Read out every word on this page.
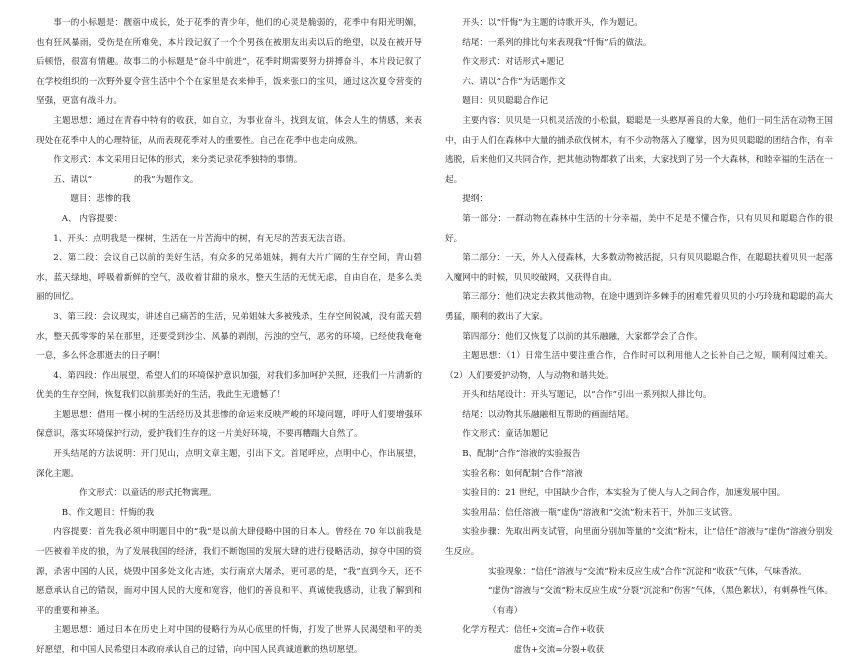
事一的小标题是：靓蓿中成长，处于花季的青少年，他们的心灵是脆弱的，花季中有阳光明媚，也有狂风暴雨，受伤是在所难免，本片段记叙了一个个男孩在被朋友出卖以后的绝望，以及在被开导后顿悟，很富有情趣。故事二的小标题是“奋斗中前进”，花季时期需要努力拼搏奋斗，本片段记叙了在学校组织的一次野外夏令营生活中个个在家里是衣来伸手，饭来张口的宝贝，通过这次夏令营变的坚强，更富有战斗力。

主题思想：通过在青春中特有的收获，如自立，为事业奋斗，找到友谊，体会人生的情感，来表现处在花季中人的心理特征，从而表现花季对人的重要性。自己在花季中也走向成熟。

作文形式：本文采用日记体的形式，来分类记录花季独特的事情。

五、请以“	的我”为题作文。

题目：悲惨的我

A、 内容提要：

1、开头：点明我是一棵树，生活在一片苦海中的树，有无尽的苦衷无法言语。

2、第二段：会议自己以前的美好生活，有众多的兄弟姐妹，拥有大片广阔的生存空间，青山碧水，蓝天绿地，呼吸着新鲜的空气，汲收着甘甜的泉水，整天生活的无忧无虑，自由自在，是多么美丽的回忆。

3、第三段：会议现实，讲述自己痛苦的生活，兄弟姐妹大多被残杀，生存空间锐减，没有蓝天碧水，整天孤零零的呆在那里，还要受到沙尘、风暴的剥削，污浊的空气，恶劣的环境，已经使我奄奄一息，多么怀念那逝去的日子啊！

4、第四段：作出展望，希望人们的环境保护意识加强，对我们多加呵护关照，还我们一片清新的优美的生存空间，恢复我们以前那美好的生活，我此生无遗憾了！

主题思想：借用一棵小树的生活经历及其悲惨的命运来反映严峻的环境问题，呼吁人们要增强环保意识，落实环境保护行动，爱护我们生存的这一片美好环境，不要再糟蹋大自然了。

开头结尾的方法说明：开门见山，点明文章主题，引出下文。首尾呼应，点明中心，作出展望，深化主题。

作文形式：以童话的形式托物寓理。

B、作文题目：忏悔的我

内容提要：首先我必须申明题目中的“我”是以前大肆侵略中国的日本人。曾经在 70 年以前我是一匹被着羊皮的狼，为了发展我国的经济，我们不断饱国的发展大肆的进行侵略活动，掠夺中国的资源，杀害中国的人民，烧毁中国多处文化古迹，实行南京大屠杀，更可恶的是，“我”直到今天，还不愿意承认自己的错误，面对中国人民的大度和宽容，他们的善良和平、真诚使我感动，让我了解到和平的重要和神圣。

主题思想：通过日本在历史上对中国的侵略行为从心底里的忏悔，打发了世界人民渴望和平的美好愿望，和中国人民希望日本政府承认自己的过错，向中国人民真诚道歉的热切愿望。

开头：以“忏悔”为主题的诗歌开头，作为题记。

结尾：一系列的排比句来表现我“忏悔”后的做法。

作文形式：对话形式+题记

六、请以“合作”为话题作文

题目：贝贝聪聪合作记

主要内容：贝贝是一只机灵活泼的小松鼠，聪聪是一头憨厚善良的大象，他们一同生活在动物王国中，由于人们在森林中大量的捕杀砍伐树木，有不少动物落入了魔掌，因为贝贝聪聪的团结合作，有幸逃脱，后来他们又共同合作，把其他动物都救了出来，大家找到了另一个大森林，和睦幸福的生活在一起。

提纲：

第一部分：一群动物在森林中生活的十分幸福，美中不足是不懂合作，只有贝贝和聪聪合作的很好。

第二部分：一天，外人入侵森林，大多数动物被活捉，只有贝贝聪聪合作，在聪聪扶着贝贝一起落入魔网中的时候，贝贝咬破网，又获得自由。

第三部分：他们决定去救其他动物，在途中遇到许多棘手的困难凭着贝贝的小巧玲珑和聪聪的高大勇猛，顺利的救出了大家。

第四部分：他们又恢复了以前的其乐融融，大家都学会了合作。

主题思想：（1）日常生活中要注重合作，合作时可以利用他人之长补自己之短，顺利闯过难关。（2）人们要爱护动物，人与动物和谐共处。

开头和结尾设计：开头写题记，以“合作”引出一系列拟人排比句。

结尾：以动物其乐融融相互帮助的画面结尾。

作文形式：童话加题记

B、配制“合作”溶液的实验报告

实验名称：如何配制“合作”溶液

实验目的：21 世纪，中国缺少合作，本实验为了使人与人之间合作，加速发展中国。

实验用品：信任溶液一瓶“虚伪”溶液和“交流”粉末若干，外加三支试管。

实验步骤：先取出两支试管，向里面分别加等量的“交流”粉末，让“信任”溶液与“虚伪”溶液分别发生反应。

实验现象：“信任”溶液与“交流”粉末反应生成“合作”沉淀和“收获”气体，气味香浓。

“虚伪”溶液与“交流”粉末反应生成“分裂”沉淀和“伤害”气体，（黑色絮状），有刺鼻性气体。（有毒）

化学方程式：信任+交流=合作+收获

虚伪+交流=分裂+收获
